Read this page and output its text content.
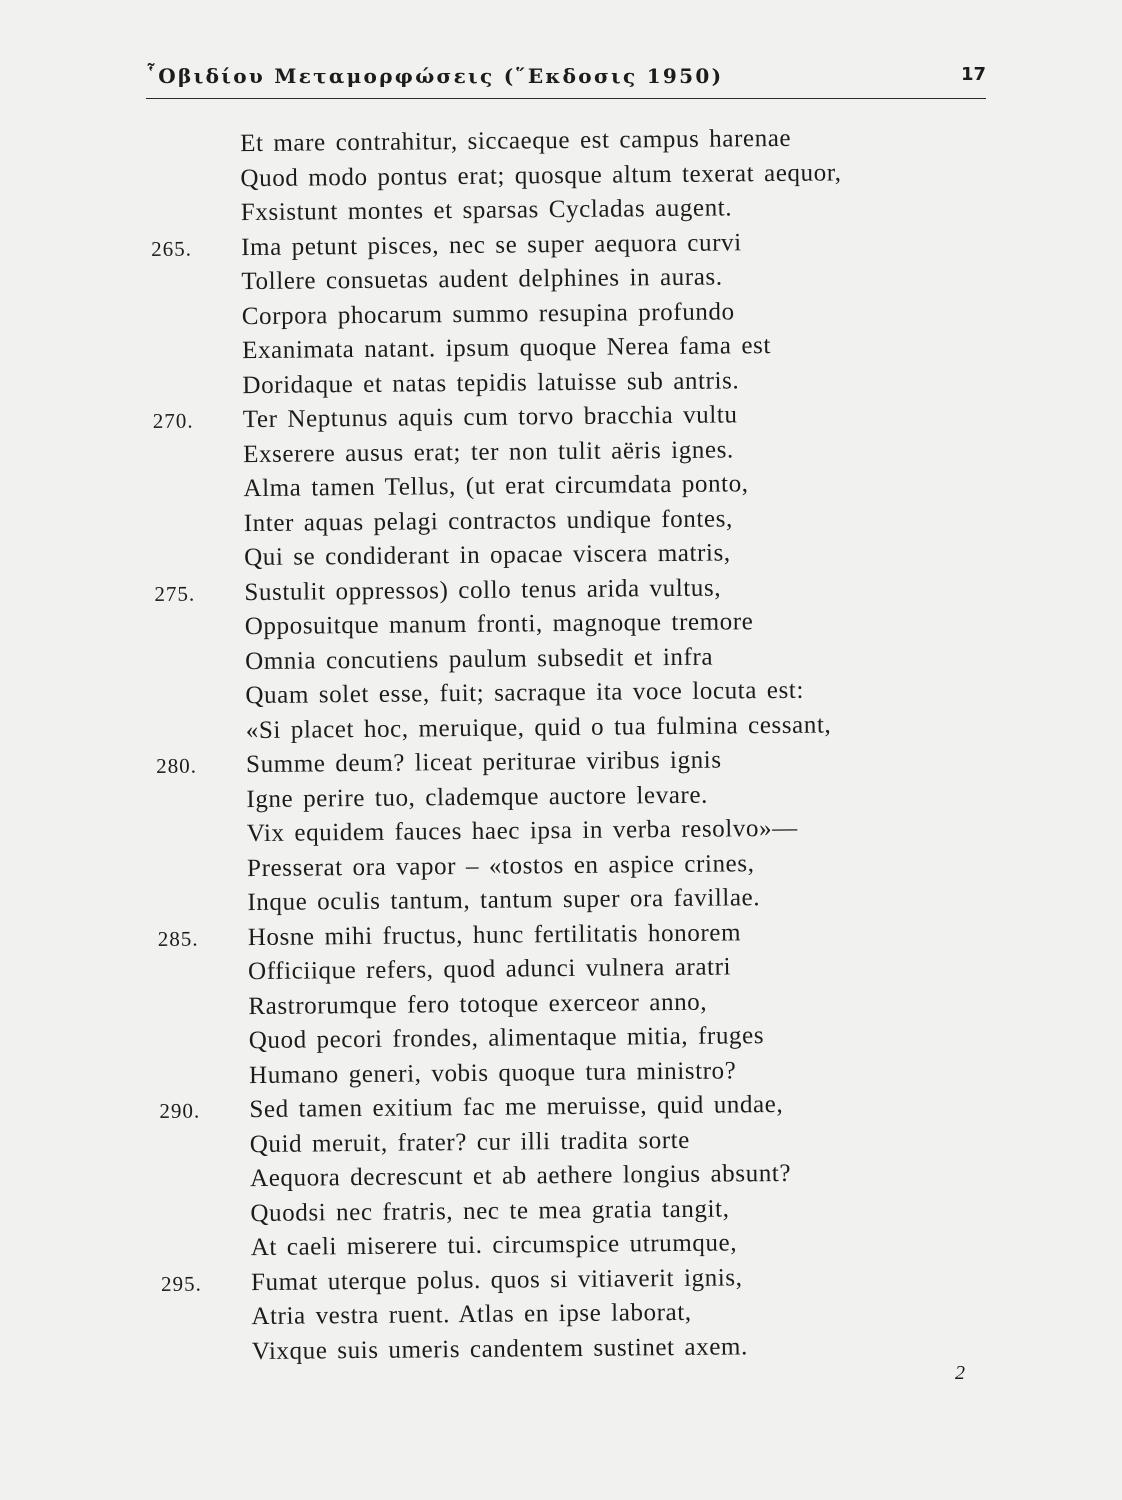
῟Οβιδίου Μεταμορφώσεις (῞Εκδοσις 1950)	17
Et mare contrahitur, siccaeque est campus harenae
Quod modo pontus erat; quosque altum texerat aequor,
Fxsistunt montes et sparsas Cycladas augent.
265.	Ima petunt pisces, nec se super aequora curvi
Tollere consuetas audent delphines in auras.
Corpora phocarum summo resupina profundo
Exanimata natant. ipsum quoque Nerea fama est
Doridaque et natas tepidis latuisse sub antris.
270.	Ter Neptunus aquis cum torvo bracchia vultu
Exserere ausus erat; ter non tulit aëris ignes.
Alma tamen Tellus, (ut erat circumdata ponto,
Inter aquas pelagi contractos undique fontes,
Qui se condiderant in opacae viscera matris,
275.	Sustulit oppressos) collo tenus arida vultus,
Opposuitque manum fronti, magnoque tremore
Omnia concutiens paulum subsedit et infra
Quam solet esse, fuit; sacraque ita voce locuta est:
«Si placet hoc, meruique, quid o tua fulmina cessant,
280.	Summe deum? liceat periturae viribus ignis
Igne perire tuo, clademque auctore levare.
Vix equidem fauces haec ipsa in verba resolvo»—
Presserat ora vapor – «tostos en aspice crines,
Inque oculis tantum, tantum super ora favillae.
285.	Hosne mihi fructus, hunc fertilitatis honorem
Officiique refers, quod adunci vulnera aratri
Rastrorumque fero totoque exerceor anno,
Quod pecori frondes, alimentaque mitia, fruges
Humano generi, vobis quoque tura ministro?
290.	Sed tamen exitium fac me meruisse, quid undae,
Quid meruit, frater? cur illi tradita sorte
Aequora decrescunt et ab aethere longius absunt?
Quodsi nec fratris, nec te mea gratia tangit,
At caeli miserere tui. circumspice utrumque,
295.	Fumat uterque polus. quos si vitiaverit ignis,
Atria vestra ruent. Atlas en ipse laborat,
Vixque suis umeris candentem sustinet axem.
2
